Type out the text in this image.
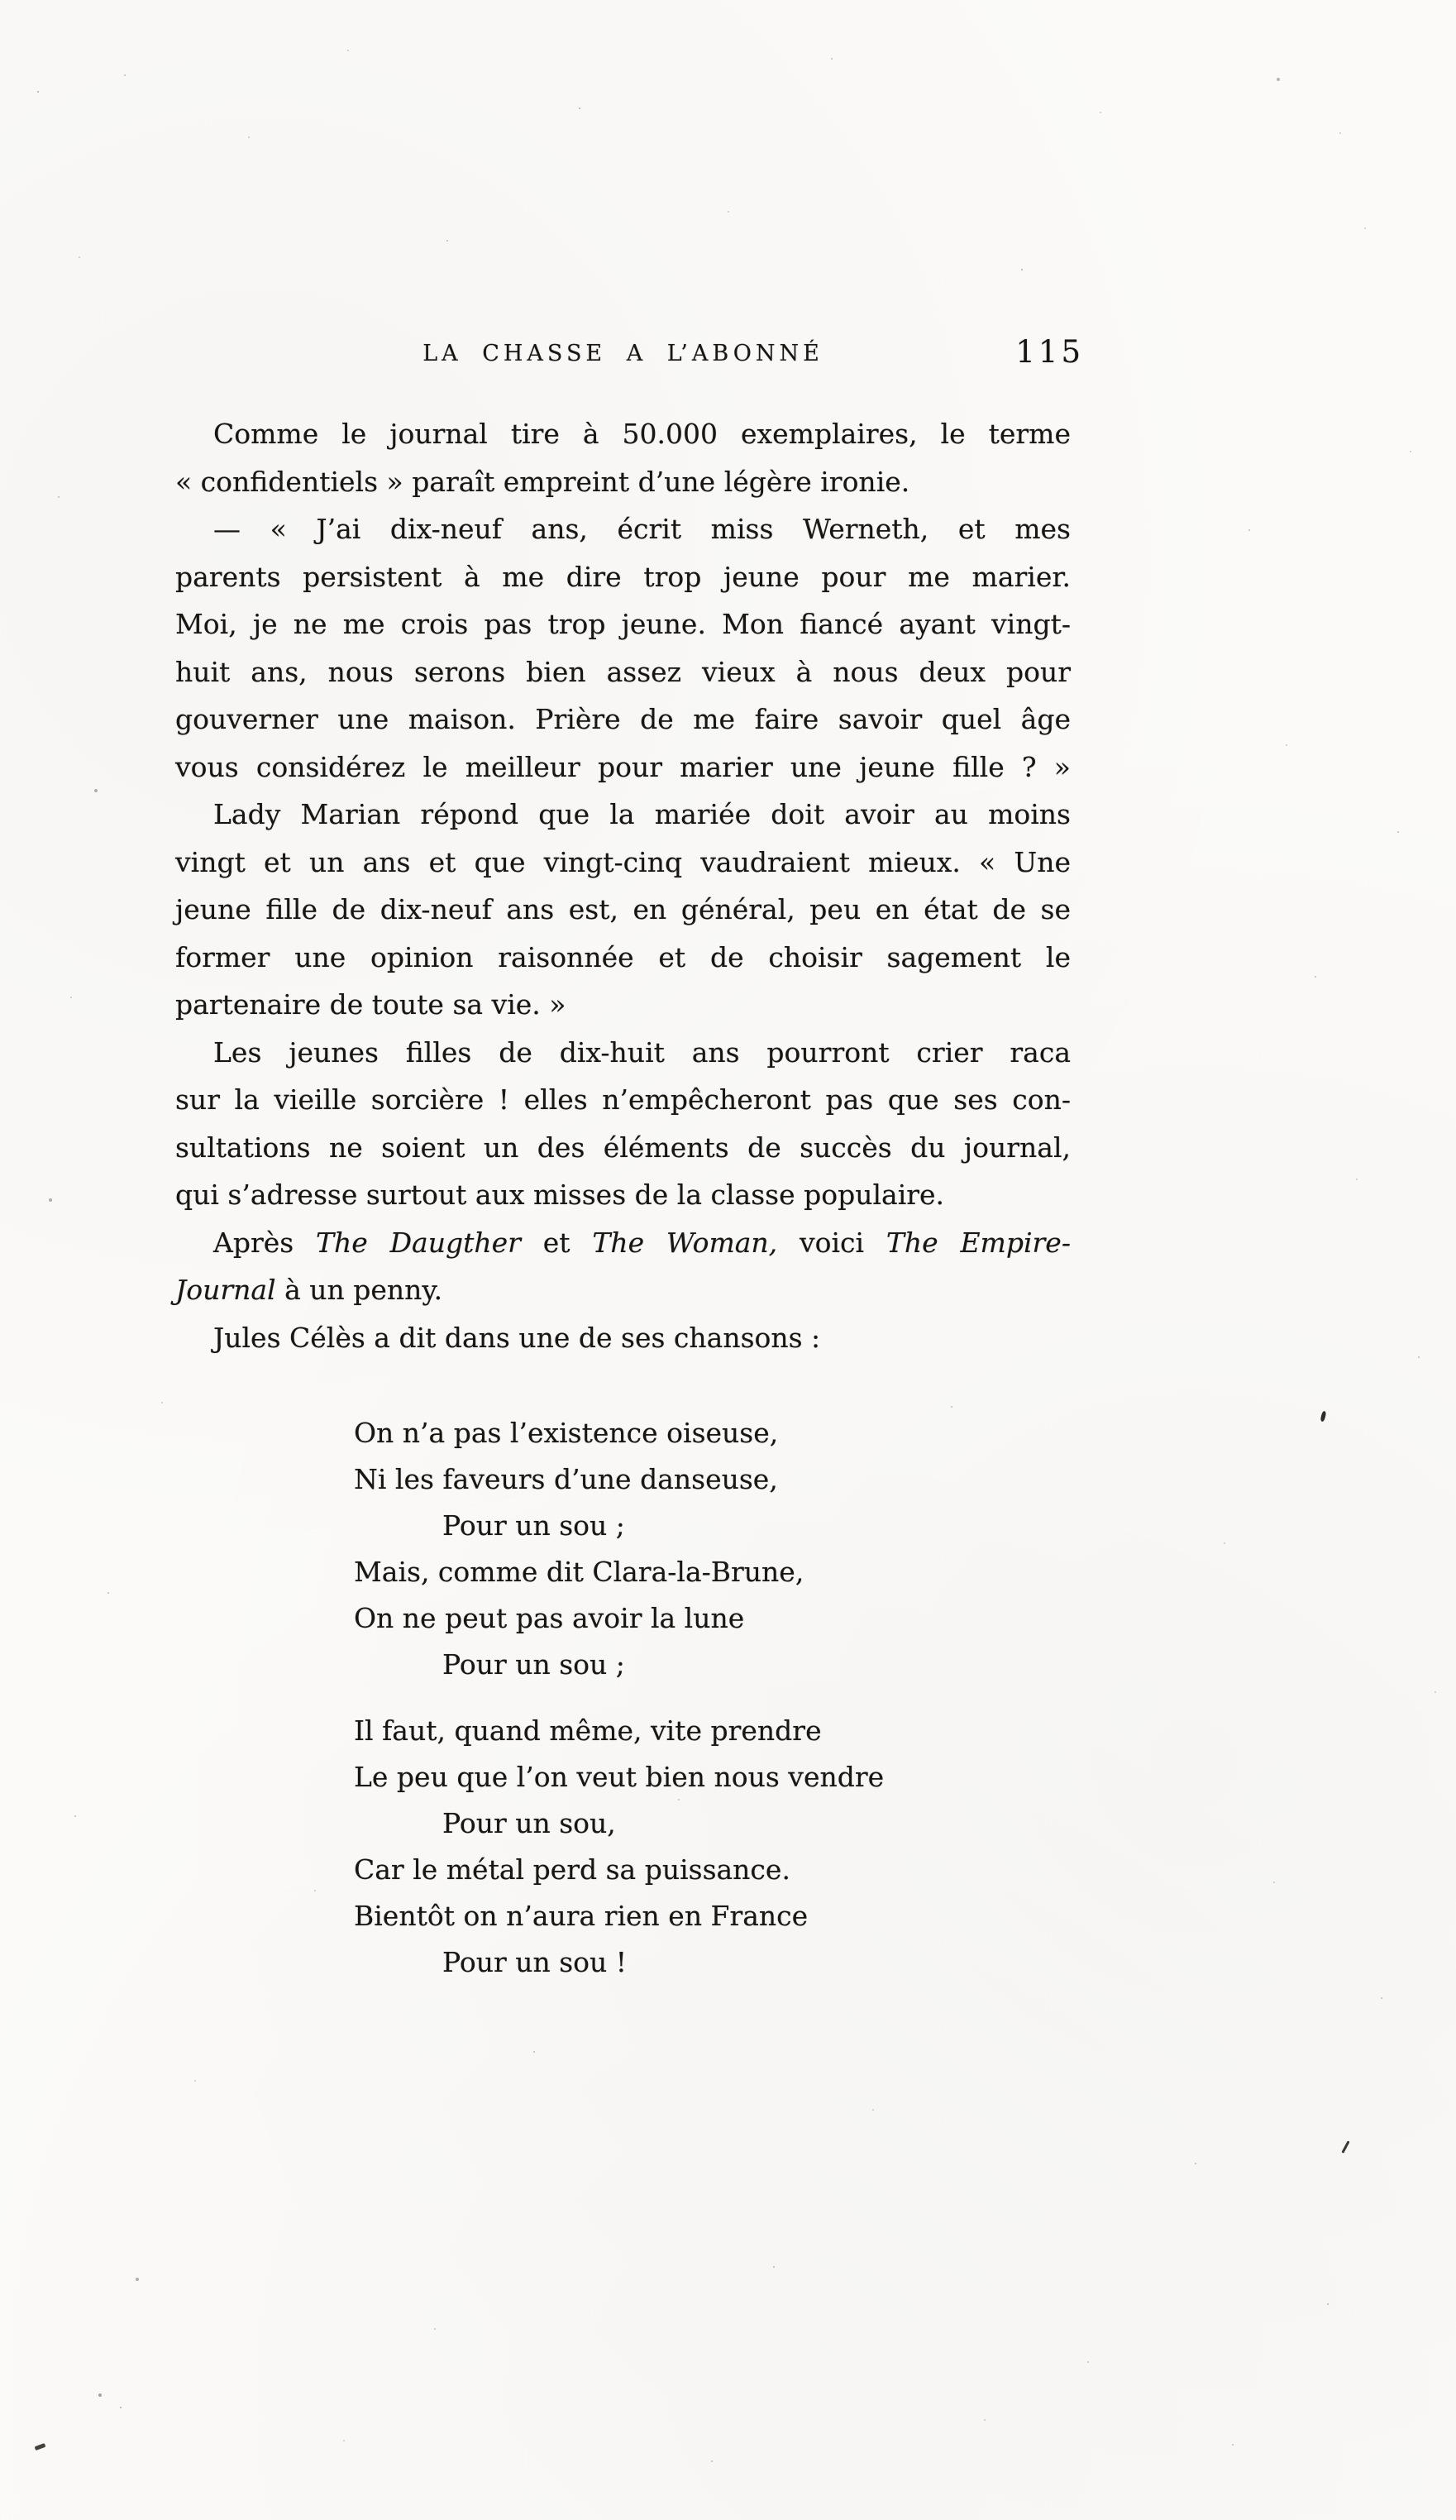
LA CHASSE A L’ABONNÉ	115
Comme le journal tire à 50.000 exemplaires, le terme
« confidentiels » paraît empreint d’une légère ironie.
— « J’ai dix-neuf ans, écrit miss Werneth, et mes
parents persistent à me dire trop jeune pour me marier.
Moi, je ne me crois pas trop jeune. Mon fiancé ayant vingt-
huit ans, nous serons bien assez vieux à nous deux pour
gouverner une maison. Prière de me faire savoir quel âge
vous considérez le meilleur pour marier une jeune fille ? »
Lady Marian répond que la mariée doit avoir au moins
vingt et un ans et que vingt-cinq vaudraient mieux. « Une
jeune fille de dix-neuf ans est, en général, peu en état de se
former une opinion raisonnée et de choisir sagement le
partenaire de toute sa vie. »
Les jeunes filles de dix-huit ans pourront crier raca
sur la vieille sorcière ! elles n’empêcheront pas que ses con-
sultations ne soient un des éléments de succès du journal,
qui s’adresse surtout aux misses de la classe populaire.
Après The Daugther et The Woman, voici The Empire-
Journal à un penny.
Jules Célès a dit dans une de ses chansons :
On n’a pas l’existence oiseuse,
Ni les faveurs d’une danseuse,
Pour un sou ;
Mais, comme dit Clara-la-Brune,
On ne peut pas avoir la lune
Pour un sou ;
Il faut, quand même, vite prendre
Le peu que l’on veut bien nous vendre
Pour un sou,
Car le métal perd sa puissance.
Bientôt on n’aura rien en France
Pour un sou !
